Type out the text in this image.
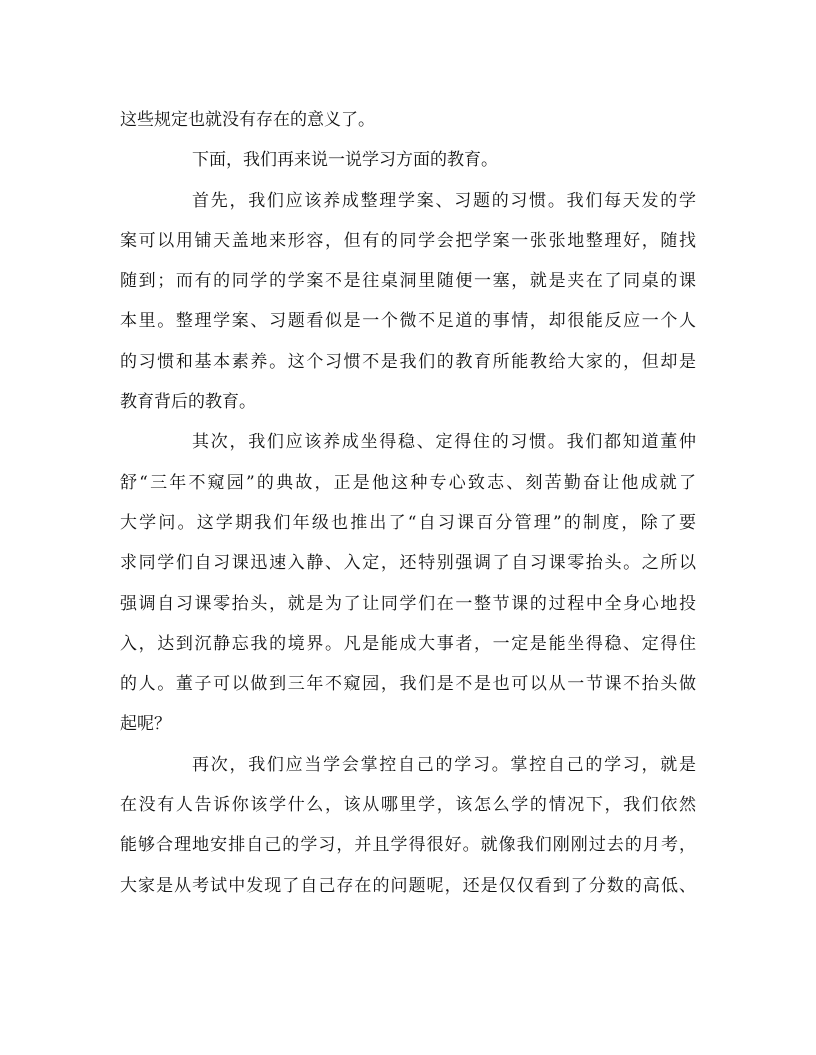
这些规定也就没有存在的意义了。
下面，我们再来说一说学习方面的教育。
首先，我们应该养成整理学案、习题的习惯。我们每天发的学
案可以用铺天盖地来形容，但有的同学会把学案一张张地整理好，随找
随到；而有的同学的学案不是往桌洞里随便一塞，就是夹在了同桌的课
本里。整理学案、习题看似是一个微不足道的事情，却很能反应一个人
的习惯和基本素养。这个习惯不是我们的教育所能教给大家的，但却是
教育背后的教育。
其次，我们应该养成坐得稳、定得住的习惯。我们都知道董仲
舒“三年不窥园”的典故，正是他这种专心致志、刻苦勤奋让他成就了
大学问。这学期我们年级也推出了“自习课百分管理”的制度，除了要
求同学们自习课迅速入静、入定，还特别强调了自习课零抬头。之所以
强调自习课零抬头，就是为了让同学们在一整节课的过程中全身心地投
入，达到沉静忘我的境界。凡是能成大事者，一定是能坐得稳、定得住
的人。董子可以做到三年不窥园，我们是不是也可以从一节课不抬头做
起呢？
再次，我们应当学会掌控自己的学习。掌控自己的学习，就是
在没有人告诉你该学什么，该从哪里学，该怎么学的情况下，我们依然
能够合理地安排自己的学习，并且学得很好。就像我们刚刚过去的月考，
大家是从考试中发现了自己存在的问题呢，还是仅仅看到了分数的高低、
